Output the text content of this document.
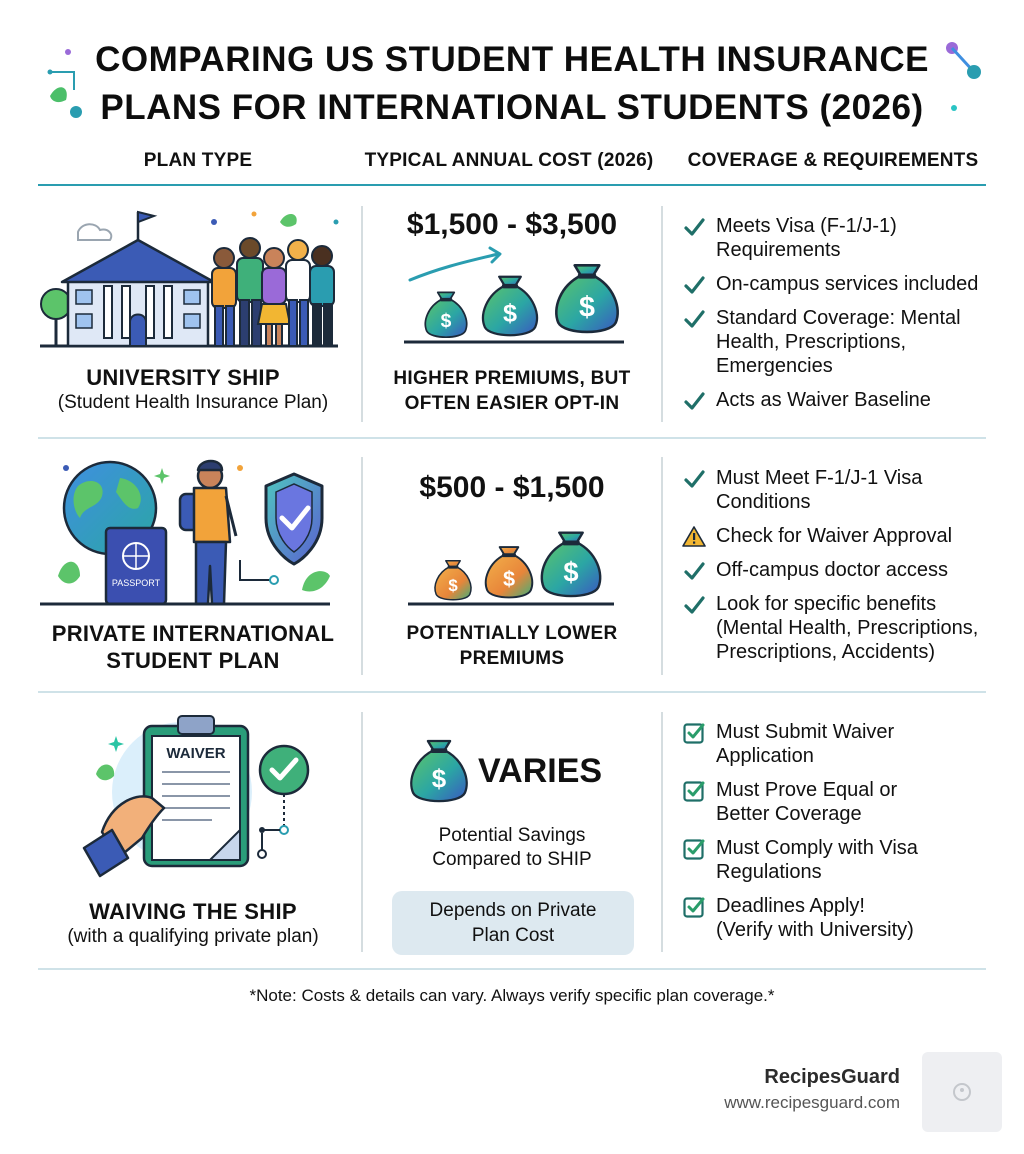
COMPARING US STUDENT HEALTH INSURANCE
PLANS FOR INTERNATIONAL STUDENTS (2026)
PLAN TYPE	TYPICAL ANNUAL COST (2026)	COVERAGE & REQUIREMENTS
UNIVERSITY SHIP
(Student Health Insurance Plan)
$1,500 - $3,500
HIGHER PREMIUMS, BUT
OFTEN EASIER OPT-IN
Meets Visa (F-1/J-1)
Requirements
On-campus services included
Standard Coverage: Mental
Health, Prescriptions,
Emergencies
Acts as Waiver Baseline
PASSPORT
PRIVATE INTERNATIONAL
STUDENT PLAN
$500 - $1,500
POTENTIALLY LOWER
PREMIUMS
Must Meet F-1/J-1 Visa
Conditions
Check for Waiver Approval
Off-campus doctor access
Look for specific benefits
(Mental Health, Prescriptions,
Prescriptions, Accidents)
WAIVER
WAIVING THE SHIP
(with a qualifying private plan)
VARIES
Potential Savings
Compared to SHIP
Depends on Private
Plan Cost
Must Submit Waiver
Application
Must Prove Equal or
Better Coverage
Must Comply with Visa
Regulations
Deadlines Apply!
(Verify with University)
*Note: Costs & details can vary. Always verify specific plan coverage.*
RecipesGuard
www.recipesguard.com
